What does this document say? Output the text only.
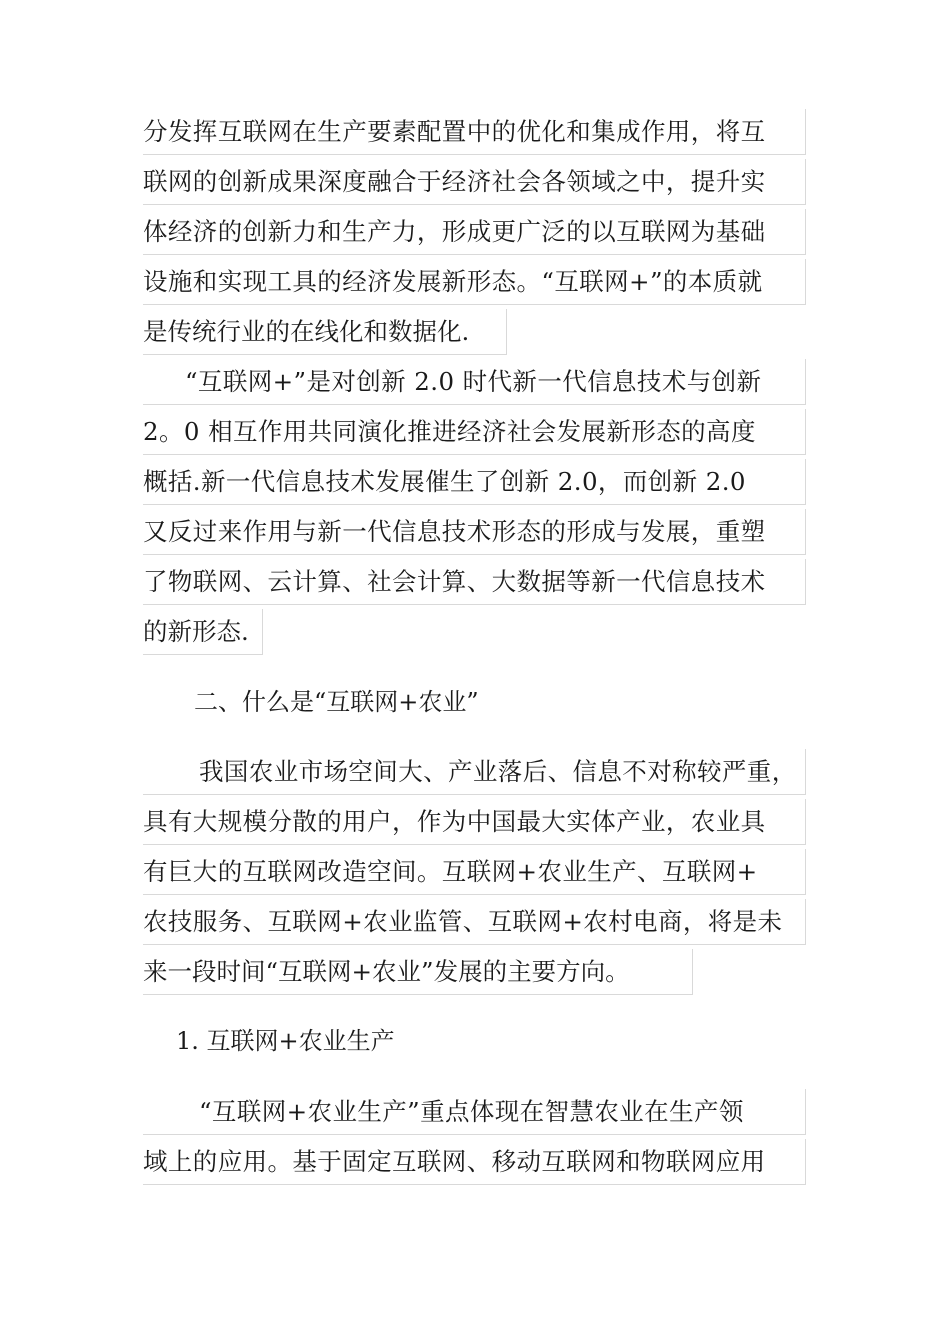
分发挥互联网在生产要素配置中的优化和集成作用，将互
联网的创新成果深度融合于经济社会各领域之中，提升实
体经济的创新力和生产力，形成更广泛的以互联网为基础
设施和实现工具的经济发展新形态。“互联网+”的本质就
是传统行业的在线化和数据化.
“互联网+”是对创新 2.0 时代新一代信息技术与创新
2。0 相互作用共同演化推进经济社会发展新形态的高度
概括.新一代信息技术发展催生了创新 2.0，而创新 2.0
又反过来作用与新一代信息技术形态的形成与发展，重塑
了物联网、云计算、社会计算、大数据等新一代信息技术
的新形态.
二、什么是“互联网+农业”
我国农业市场空间大、产业落后、信息不对称较严重，
具有大规模分散的用户，作为中国最大实体产业，农业具
有巨大的互联网改造空间。互联网+农业生产、互联网+
农技服务、互联网+农业监管、互联网+农村电商，将是未
来一段时间“互联网+农业”发展的主要方向。
1. 互联网+农业生产
“互联网+农业生产”重点体现在智慧农业在生产领
域上的应用。基于固定互联网、移动互联网和物联网应用
